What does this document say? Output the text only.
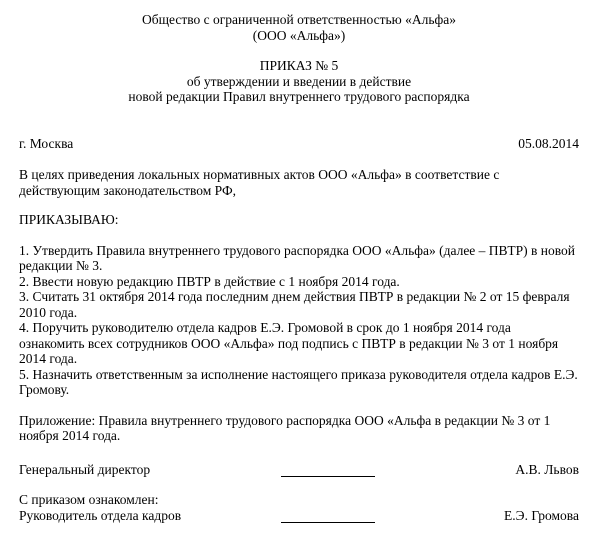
Общество с ограниченной ответственностью «Альфа»

(ООО «Альфа»)

ПРИКАЗ № 5

об утверждении и введении в действие

новой редакции Правил внутреннего трудового распорядка

г. Москва	05.08.2014

В целях приведения локальных нормативных актов ООО «Альфа» в соответствие с действующим законодательством РФ,

ПРИКАЗЫВАЮ:

1. Утвердить Правила внутреннего трудового распорядка ООО «Альфа» (далее – ПВТР) в новой редакции № 3.

2. Ввести новую редакцию ПВТР в действие с 1 ноября 2014 года.

3. Считать 31 октября 2014 года последним днем действия ПВТР в редакции № 2 от 15 февраля 2010 года.

4. Поручить руководителю отдела кадров Е.Э. Громовой в срок до 1 ноября 2014 года ознакомить всех сотрудников ООО «Альфа» под подпись с ПВТР в редакции № 3 от 1 ноября 2014 года.

5. Назначить ответственным за исполнение настоящего приказа руководителя отдела кадров Е.Э. Громову.

Приложение: Правила внутреннего трудового распорядка ООО «Альфа в редакции № 3 от 1 ноября 2014 года.

Генеральный директор	А.В. Львов

С приказом ознакомлен:

Руководитель отдела кадров	Е.Э. Громова
